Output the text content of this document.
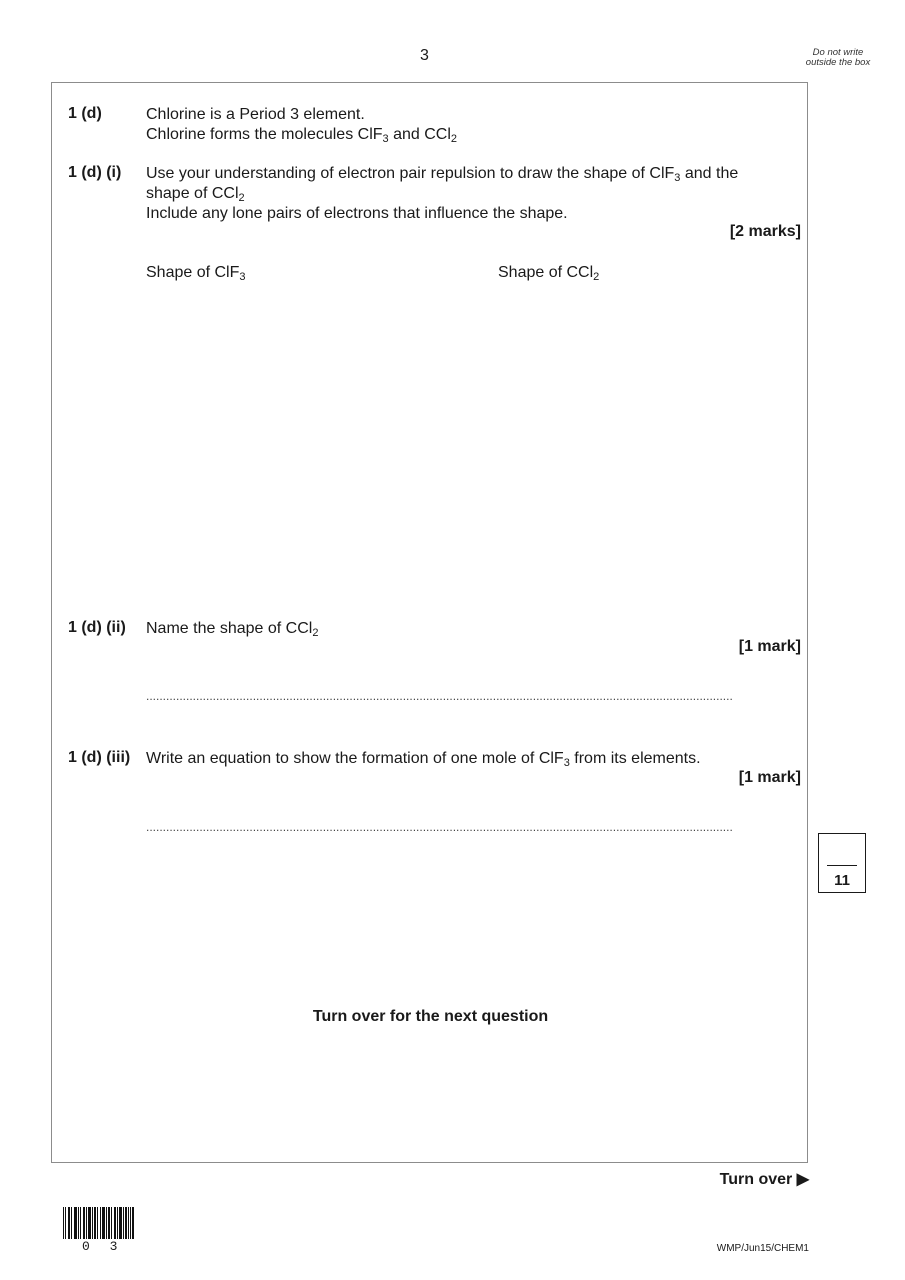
3	Do not write outside the box
1 (d)	Chlorine is a Period 3 element.
Chlorine forms the molecules ClF$_3$ and CCl$_2$
1 (d) (i) Use your understanding of electron pair repulsion to draw the shape of ClF$_3$ and the
shape of CCl$_2$
Include any lone pairs of electrons that influence the shape.
[2 marks]
Shape of ClF$_3$	Shape of CCl$_2$
1 (d) (ii) Name the shape of CCl$_2$
[1 mark]
................................................................................................................................................................................
1 (d) (iii) Write an equation to show the formation of one mole of ClF$_3$ from its elements.
[1 mark]
................................................................................................................................................................................
11
Turn over for the next question
Turn over ▶
0 3	WMP/Jun15/CHEM1
